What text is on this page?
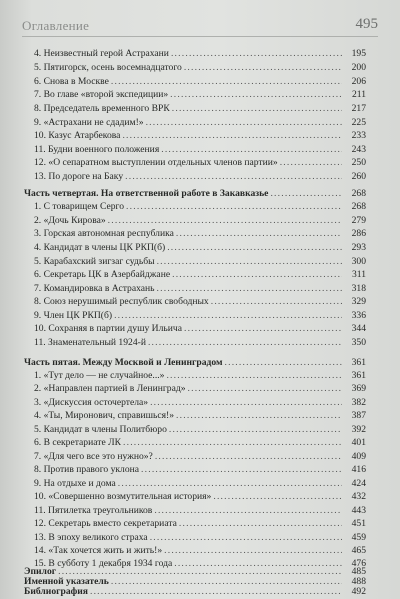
Оглавление	495
4. Неизвестный герой Астрахани .....	195
5. Пятигорск, осень восемнадцатого .....	200
6. Снова в Москве .....	206
7. Во главе «второй экспедиции» .....	211
8. Председатель временного ВРК .....	217
9. «Астрахани не сдадим!» .....	225
10. Казус Атарбекова .....	233
11. Будни военного положения .....	243
12. «О сепаратном выступлении отдельных членов партии» .....	250
13. По дороге на Баку .....	260
Часть четвертая. На ответственной работе в Закавказье .....	268
1. С товарищем Серго .....	268
2. «Дочь Кирова» .....	279
3. Горская автономная республика .....	286
4. Кандидат в члены ЦК РКП(б) .....	293
5. Карабахский зигзаг судьбы .....	300
6. Секретарь ЦК в Азербайджане .....	311
7. Командировка в Астрахань .....	318
8. Союз нерушимый республик свободных .....	329
9. Член ЦК РКП(б) .....	336
10. Сохраняя в партии душу Ильича .....	344
11. Знаменательный 1924-й .....	350
Часть пятая. Между Москвой и Ленинградом .....	361
1. «Тут дело — не случайное...» .....	361
2. «Направлен партией в Ленинград» .....	369
3. «Дискуссия осточертела» .....	382
4. «Ты, Миронович, справишься!» .....	387
5. Кандидат в члены Политбюро .....	392
6. В секретариате ЛК .....	401
7. «Для чего все это нужно»? .....	409
8. Против правого уклона .....	416
9. На отдыхе и дома .....	424
10. «Совершенно возмутительная история» .....	432
11. Пятилетка треугольников .....	443
12. Секретарь вместо секретариата .....	451
13. В эпоху великого страха .....	459
14. «Так хочется жить и жить!» .....	465
15. В субботу 1 декабря 1934 года .....	476
Эпилог .....	485
Именной указатель .....	488
Библиография .....	492
